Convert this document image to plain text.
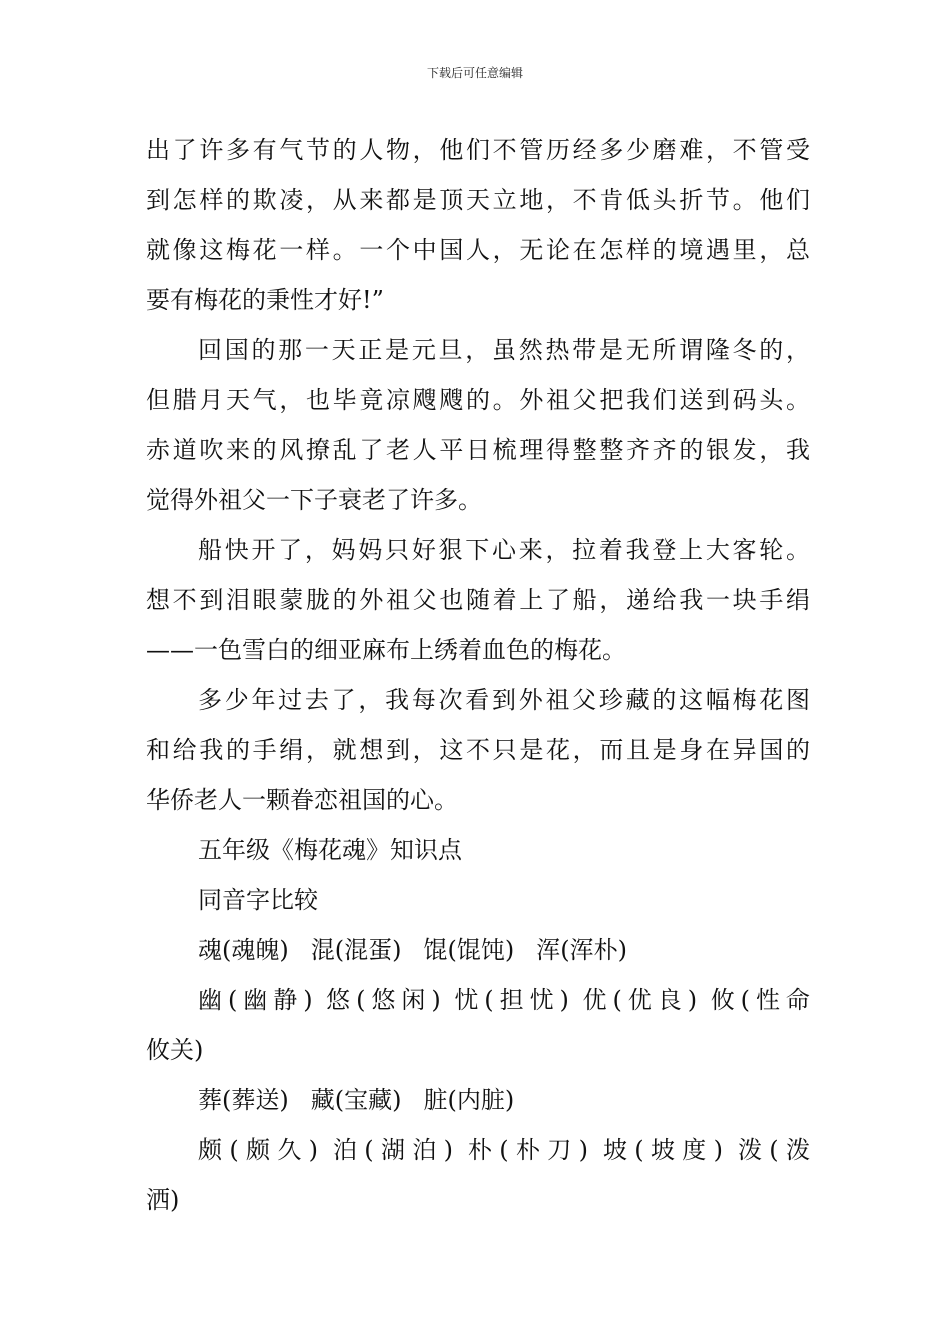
下载后可任意编辑
出了许多有气节的人物，他们不管历经多少磨难，不管受
到怎样的欺凌，从来都是顶天立地，不肯低头折节。他们
就像这梅花一样。一个中国人，无论在怎样的境遇里，总
要有梅花的秉性才好!”
回国的那一天正是元旦，虽然热带是无所谓隆冬的，
但腊月天气，也毕竟凉飕飕的。外祖父把我们送到码头。
赤道吹来的风撩乱了老人平日梳理得整整齐齐的银发，我
觉得外祖父一下子衰老了许多。
船快开了，妈妈只好狠下心来，拉着我登上大客轮。
想不到泪眼蒙胧的外祖父也随着上了船，递给我一块手绢
——一色雪白的细亚麻布上绣着血色的梅花。
多少年过去了，我每次看到外祖父珍藏的这幅梅花图
和给我的手绢，就想到，这不只是花，而且是身在异国的
华侨老人一颗眷恋祖国的心。
五年级《梅花魂》知识点
同音字比较
魂(魂魄) 混(混蛋) 馄(馄饨) 浑(浑朴)
幽(幽静) 悠(悠闲) 忧(担忧) 优(优良) 攸(性命
攸关)
葬(葬送) 藏(宝藏) 脏(内脏)
颇(颇久) 泊(湖泊) 朴(朴刀) 坡(坡度) 泼(泼
洒)
